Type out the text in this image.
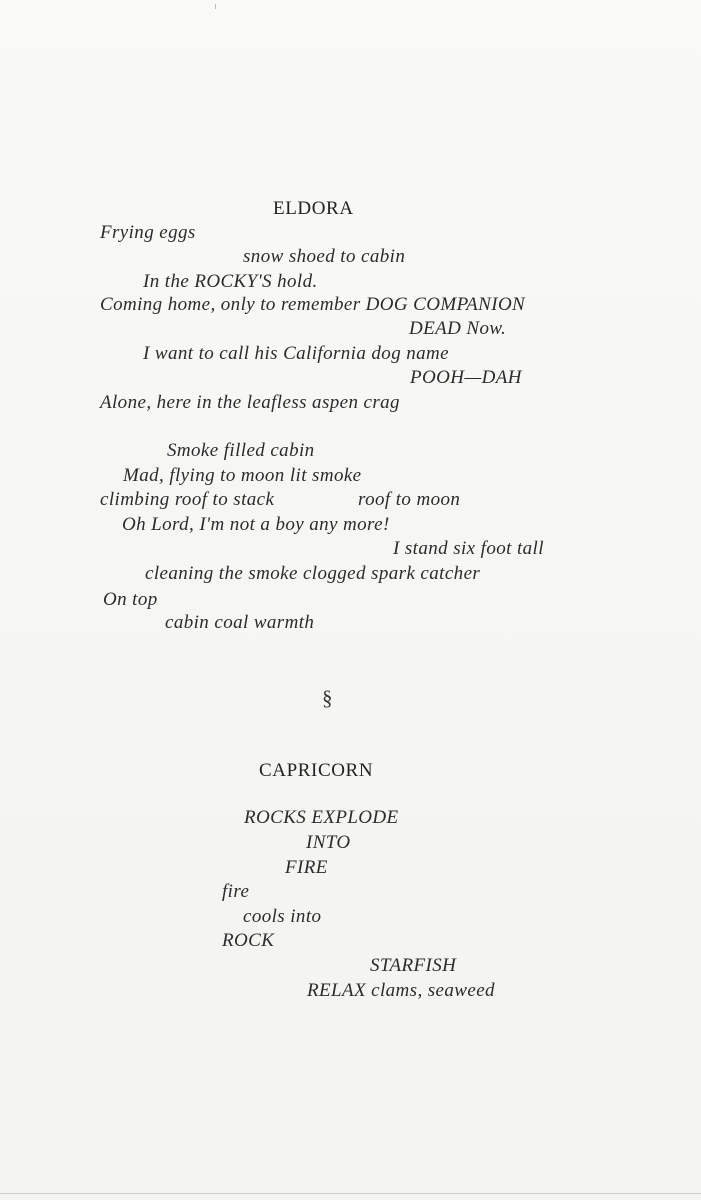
ELDORA
Frying eggs
snow shoed to cabin
In the ROCKY'S hold.
Coming home, only to remember DOG COMPANION
DEAD Now.
I want to call his California dog name
POOH—DAH
Alone, here in the leafless aspen crag
Smoke filled cabin
Mad, flying to moon lit smoke
climbing roof to stack	roof to moon
Oh Lord, I'm not a boy any more!
I stand six foot tall
cleaning the smoke clogged spark catcher
On top
cabin coal warmth
§
CAPRICORN
ROCKS EXPLODE
INTO
FIRE
fire
cools into
ROCK
STARFISH
RELAX clams, seaweed
